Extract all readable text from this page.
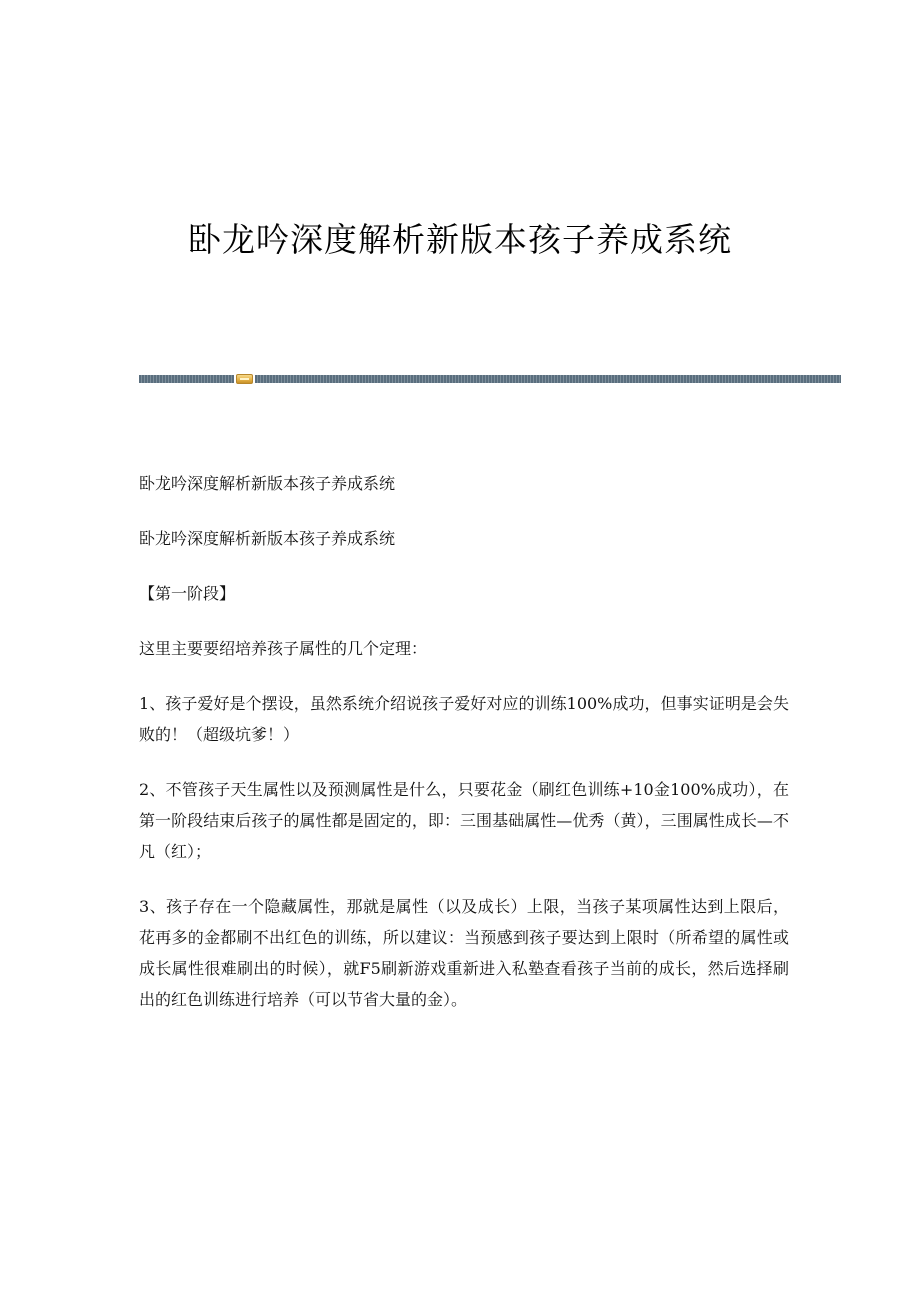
卧龙吟深度解析新版本孩子养成系统

卧龙吟深度解析新版本孩子养成系统

卧龙吟深度解析新版本孩子养成系统

【第一阶段】

这里主要要绍培养孩子属性的几个定理：

1、孩子爱好是个摆设，虽然系统介绍说孩子爱好对应的训练100%成功，但事实证明是会失败的！（超级坑爹！）

2、不管孩子天生属性以及预测属性是什么，只要花金（刷红色训练+10金100%成功），在第一阶段结束后孩子的属性都是固定的，即：三围基础属性—优秀（黄），三围属性成长—不凡（红）；

3、孩子存在一个隐藏属性，那就是属性（以及成长）上限，当孩子某项属性达到上限后，花再多的金都刷不出红色的训练，所以建议：当预感到孩子要达到上限时（所希望的属性或成长属性很难刷出的时候），就F5刷新游戏重新进入私塾查看孩子当前的成长，然后选择刷出的红色训练进行培养（可以节省大量的金）。
